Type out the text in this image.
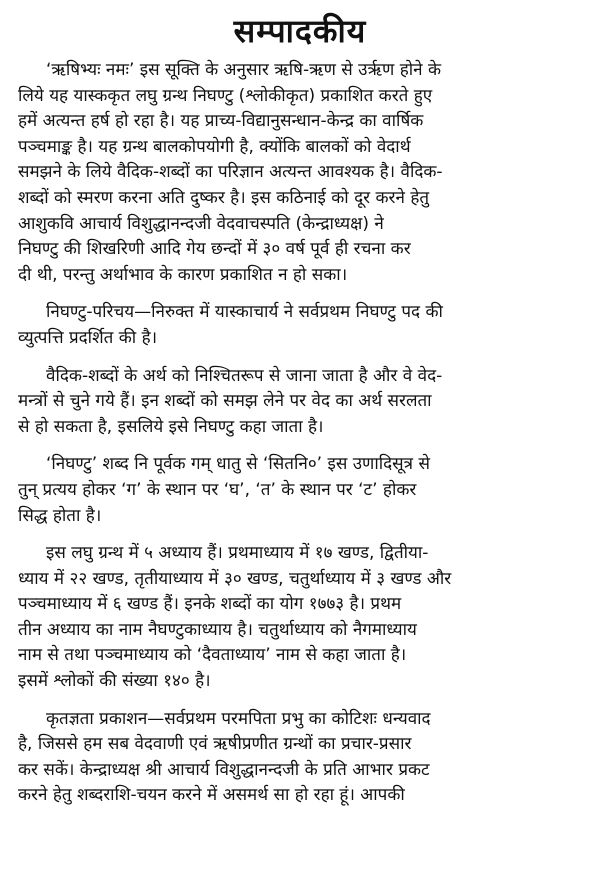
सम्पादकीय
‘ऋषिभ्यः नमः’ इस सूक्ति के अनुसार ऋषि-ऋण से उर्ऋण होने के
लिये यह यास्ककृत लघु ग्रन्थ निघण्टु (श्लोकीकृत) प्रकाशित करते हुए
हमें अत्यन्त हर्ष हो रहा है। यह प्राच्य-विद्यानुसन्धान-केन्द्र का वार्षिक
पञ्चमाङ्क है। यह ग्रन्थ बालकोपयोगी है, क्योंकि बालकों को वेदार्थ
समझने के लिये वैदिक-शब्दों का परिज्ञान अत्यन्त आवश्यक है। वैदिक-
शब्दों को स्मरण करना अति दुष्कर है। इस कठिनाई को दूर करने हेतु
आशुकवि आचार्य विशुद्धानन्दजी वेदवाचस्पति (केन्द्राध्यक्ष) ने
निघण्टु की शिखरिणी आदि गेय छन्दों में ३० वर्ष पूर्व ही रचना कर
दी थी, परन्तु अर्थाभाव के कारण प्रकाशित न हो सका।
निघण्टु-परिचय—निरुक्त में यास्काचार्य ने सर्वप्रथम निघण्टु पद की
व्युत्पत्ति प्रदर्शित की है।
वैदिक-शब्दों के अर्थ को निश्चितरूप से जाना जाता है और वे वेद-
मन्त्रों से चुने गये हैं। इन शब्दों को समझ लेने पर वेद का अर्थ सरलता
से हो सकता है, इसलिये इसे निघण्टु कहा जाता है।
‘निघण्टु’ शब्द नि पूर्वक गम् धातु से ‘सितनि०’ इस उणादिसूत्र से
तुन् प्रत्यय होकर ‘ग’ के स्थान पर ‘घ’, ‘त’ के स्थान पर ‘ट’ होकर
सिद्ध होता है।
इस लघु ग्रन्थ में ५ अध्याय हैं। प्रथमाध्याय में १७ खण्ड, द्वितीया-
ध्याय में २२ खण्ड, तृतीयाध्याय में ३० खण्ड, चतुर्थाध्याय में ३ खण्ड और
पञ्चमाध्याय में ६ खण्ड हैं। इनके शब्दों का योग १७७३ है। प्रथम
तीन अध्याय का नाम नैघण्टुकाध्याय है। चतुर्थाध्याय को नैगमाध्याय
नाम से तथा पञ्चमाध्याय को ‘दैवताध्याय’ नाम से कहा जाता है।
इसमें श्लोकों की संख्या १४० है।
कृतज्ञता प्रकाशन—सर्वप्रथम परमपिता प्रभु का कोटिशः धन्यवाद
है, जिससे हम सब वेदवाणी एवं ऋषीप्रणीत ग्रन्थों का प्रचार-प्रसार
कर सकें। केन्द्राध्यक्ष श्री आचार्य विशुद्धानन्दजी के प्रति आभार प्रकट
करने हेतु शब्दराशि-चयन करने में असमर्थ सा हो रहा हूं। आपकी
